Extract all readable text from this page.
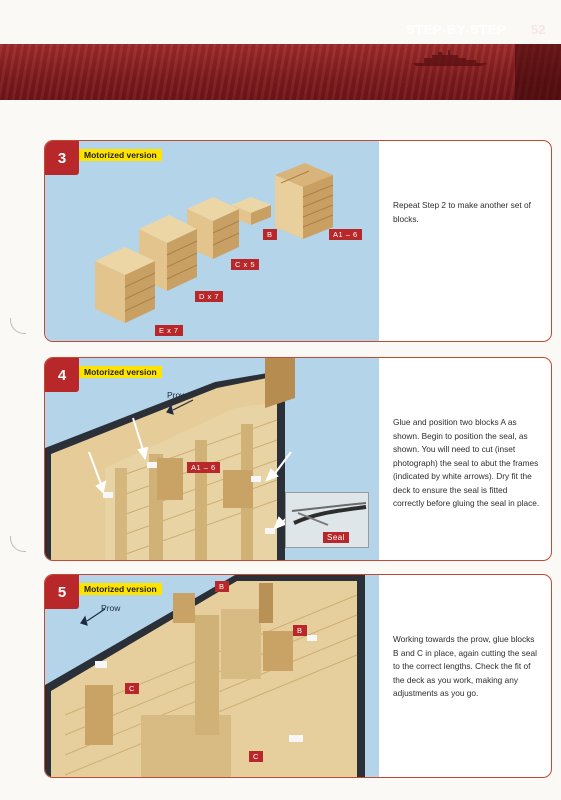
STEP-BY-STEP 52
B	A1 – 6
C x 5
D x 7
E x 7
3	Motorized version
Repeat Step 2 to make another set of blocks.
Prow
A1 – 6
Seal
4	Motorized version
Glue and position two blocks A as shown. Begin to position the seal, as shown. You will need to cut (inset photograph) the seal to abut the frames (indicated by white arrows). Dry fit the deck to ensure the seal is fitted correctly before gluing the seal in place.
Prow
B
B
C
C
5	Motorized version
Working towards the prow, glue blocks B and C in place, again cutting the seal to the correct lengths. Check the fit of the deck as you work, making any adjustments as you go.
